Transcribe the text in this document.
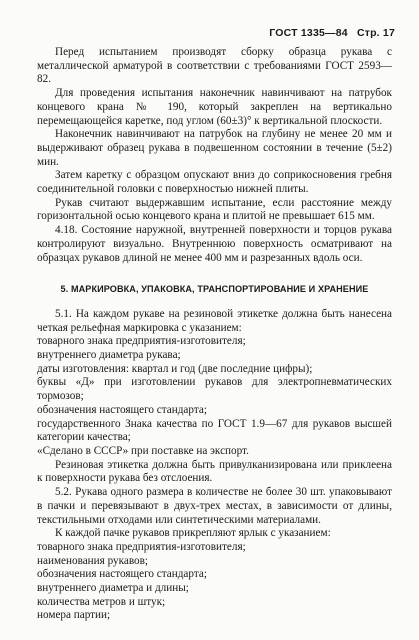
ГОСТ 1335—84 Стр. 17

Перед испытанием производят сборку образца рукава с металлической арматурой в соответствии с требованиями ГОСТ 2593—82.

Для проведения испытания наконечник навинчивают на патрубок концевого крана № 190, который закреплен на вертикально перемещающейся каретке, под углом (60±3)° к вертикальной плоскости.

Наконечник навинчивают на патрубок на глубину не менее 20 мм и выдерживают образец рукава в подвешенном состоянии в течение (5±2) мин.

Затем каретку с образцом опускают вниз до соприкосновения гребня соединительной головки с поверхностью нижней плиты.

Рукав считают выдержавшим испытание, если расстояние между горизонтальной осью концевого крана и плитой не превышает 615 мм.

4.18. Состояние наружной, внутренней поверхности и торцов рукава контролируют визуально. Внутреннюю поверхность осматривают на образцах рукавов длиной не менее 400 мм и разрезанных вдоль оси.

5. МАРКИРОВКА, УПАКОВКА, ТРАНСПОРТИРОВАНИЕ И ХРАНЕНИЕ

5.1. На каждом рукаве на резиновой этикетке должна быть нанесена четкая рельефная маркировка с указанием:

товарного знака предприятия-изготовителя;

внутреннего диаметра рукава;

даты изготовления: квартал и год (две последние цифры);

буквы «Д» при изготовлении рукавов для электропневматических тормозов;

обозначения настоящего стандарта;

государственного Знака качества по ГОСТ 1.9—67 для рукавов высшей категории качества;

«Сделано в СССР» при поставке на экспорт.

Резиновая этикетка должна быть привулканизирована или приклеена к поверхности рукава без отслоения.

5.2. Рукава одного размера в количестве не более 30 шт. упаковывают в пачки и перевязывают в двух-трех местах, в зависимости от длины, текстильными отходами или синтетическими материалами.

К каждой пачке рукавов прикрепляют ярлык с указанием:

товарного знака предприятия-изготовителя;

наименования рукавов;

обозначения настоящего стандарта;

внутреннего диаметра и длины;

количества метров и штук;

номера партии;
